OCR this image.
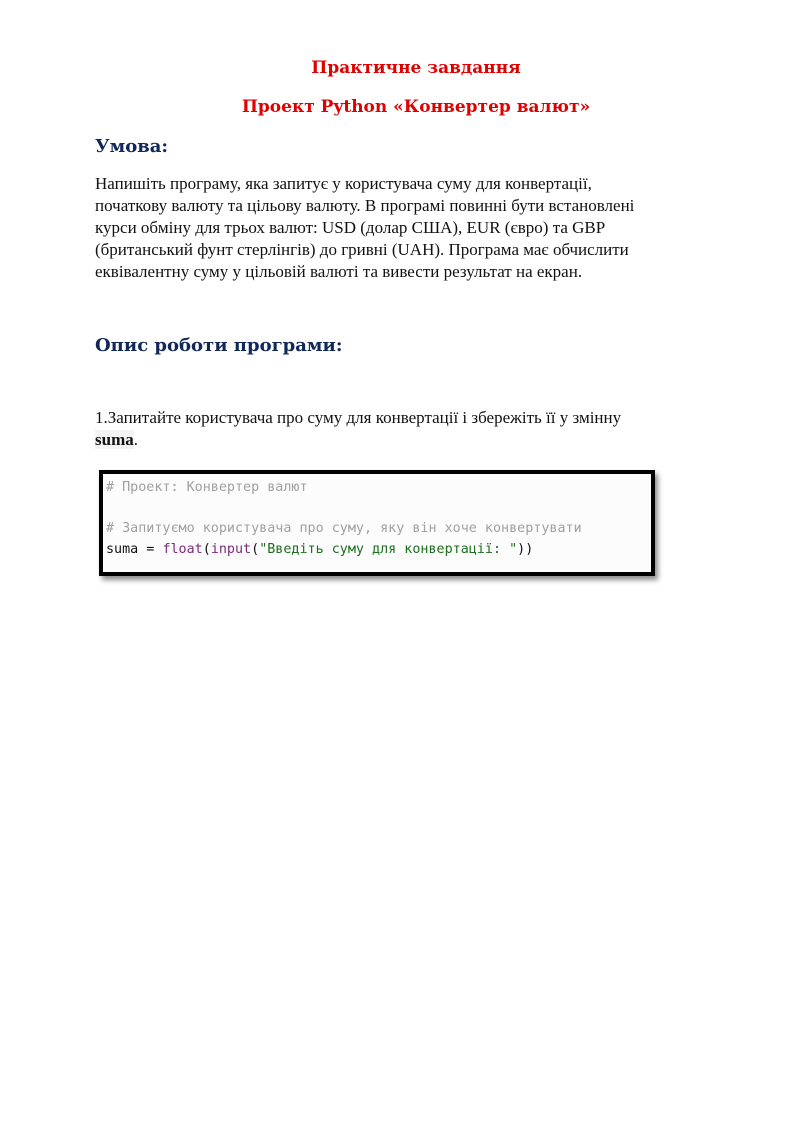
Практичне завдання
Проект Python «Конвертер валют»
Умова:
Напишіть програму, яка запитує у користувача суму для конвертації,
початкову валюту та цільову валюту. В програмі повинні бути встановлені
курси обміну для трьох валют: USD (долар США), EUR (євро) та GBP
(британський фунт стерлінгів) до гривні (UAH). Програма має обчислити
еквівалентну суму у цільовій валюті та вивести результат на екран.
Опис роботи програми:
1.Запитайте користувача про суму для конвертації і збережіть її у змінну
suma.
# Проект: Конвертер валют
# Запитуємо користувача про суму, яку він хоче конвертувати
suma = float(input("Введіть суму для конвертації: "))
